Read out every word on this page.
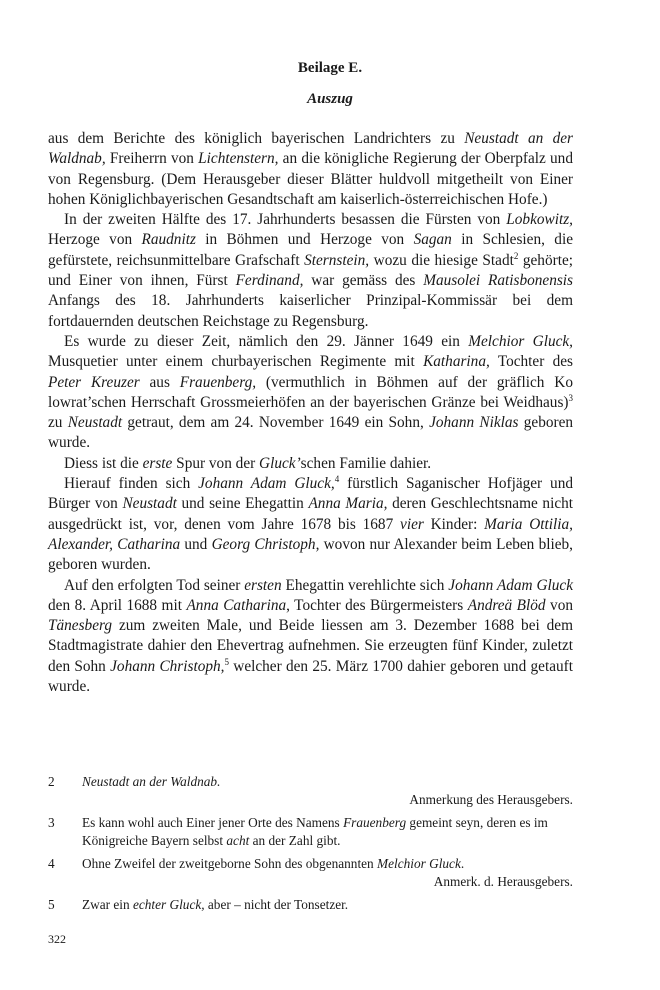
Beilage E.
Auszug

aus dem Berichte des königlich bayerischen Landrichters zu Neustadt an der Waldnab, Freiherrn von Lichtenstern, an die königliche Regierung der Oberpfalz und von Regensburg. (Dem Herausgeber dieser Blätter huldvoll mitgetheilt von Einer hohen Königlichbayerischen Gesandtschaft am kaiserlich-österreichischen Hofe.)

In der zweiten Hälfte des 17. Jahrhunderts besassen die Fürsten von Lobkowitz, Herzoge von Raudnitz in Böhmen und Herzoge von Sagan in Schlesien, die gefürstete, reichsunmittelbare Grafschaft Sternstein, wozu die hiesige Stadt$^2$ gehörte; und Einer von ihnen, Fürst Ferdinand, war gemäss des Mausolei Ratisbonensis Anfangs des 18. Jahrhunderts kaiserlicher Prinzipal-Kommissär bei dem fortdauernden deutschen Reichstage zu Regensburg.

Es wurde zu dieser Zeit, nämlich den 29. Jänner 1649 ein Melchior Gluck, Musquetier unter einem churbayerischen Regimente mit Katharina, Tochter des Peter Kreuzer aus Frauenberg, (vermuthlich in Böhmen auf der gräflich Ko lowrat’schen Herrschaft Grossmeierhöfen an der bayerischen Gränze bei Weidhaus)$^3$ zu Neustadt getraut, dem am 24. November 1649 ein Sohn, Johann Niklas geboren wurde.

Diess ist die erste Spur von der Gluck’schen Familie dahier.

Hierauf finden sich Johann Adam Gluck,$^4$ fürstlich Saganischer Hofjäger und Bürger von Neustadt und seine Ehegattin Anna Maria, deren Geschlechtsname nicht ausgedrückt ist, vor, denen vom Jahre 1678 bis 1687 vier Kinder: Maria Ottilia, Alexander, Catharina und Georg Christoph, wovon nur Alexander beim Leben blieb, geboren wurden.

Auf den erfolgten Tod seiner ersten Ehegattin verehlichte sich Johann Adam Gluck den 8. April 1688 mit Anna Catharina, Tochter des Bürgermeisters Andreä Blöd von Tänesberg zum zweiten Male, und Beide liessen am 3. Dezember 1688 bei dem Stadtmagistrate dahier den Ehevertrag aufnehmen. Sie erzeugten fünf Kinder, zuletzt den Sohn Johann Christoph,$^5$ welcher den 25. März 1700 dahier geboren und getauft wurde.

2	Neustadt an der Waldnab.
Anmerkung des Herausgebers.
3	Es kann wohl auch Einer jener Orte des Namens Frauenberg gemeint seyn, deren es im Königreiche Bayern selbst acht an der Zahl gibt.
4	Ohne Zweifel der zweitgeborne Sohn des obgenannten Melchior Gluck.
Anmerk. d. Herausgebers.
5	Zwar ein echter Gluck, aber – nicht der Tonsetzer.

322
